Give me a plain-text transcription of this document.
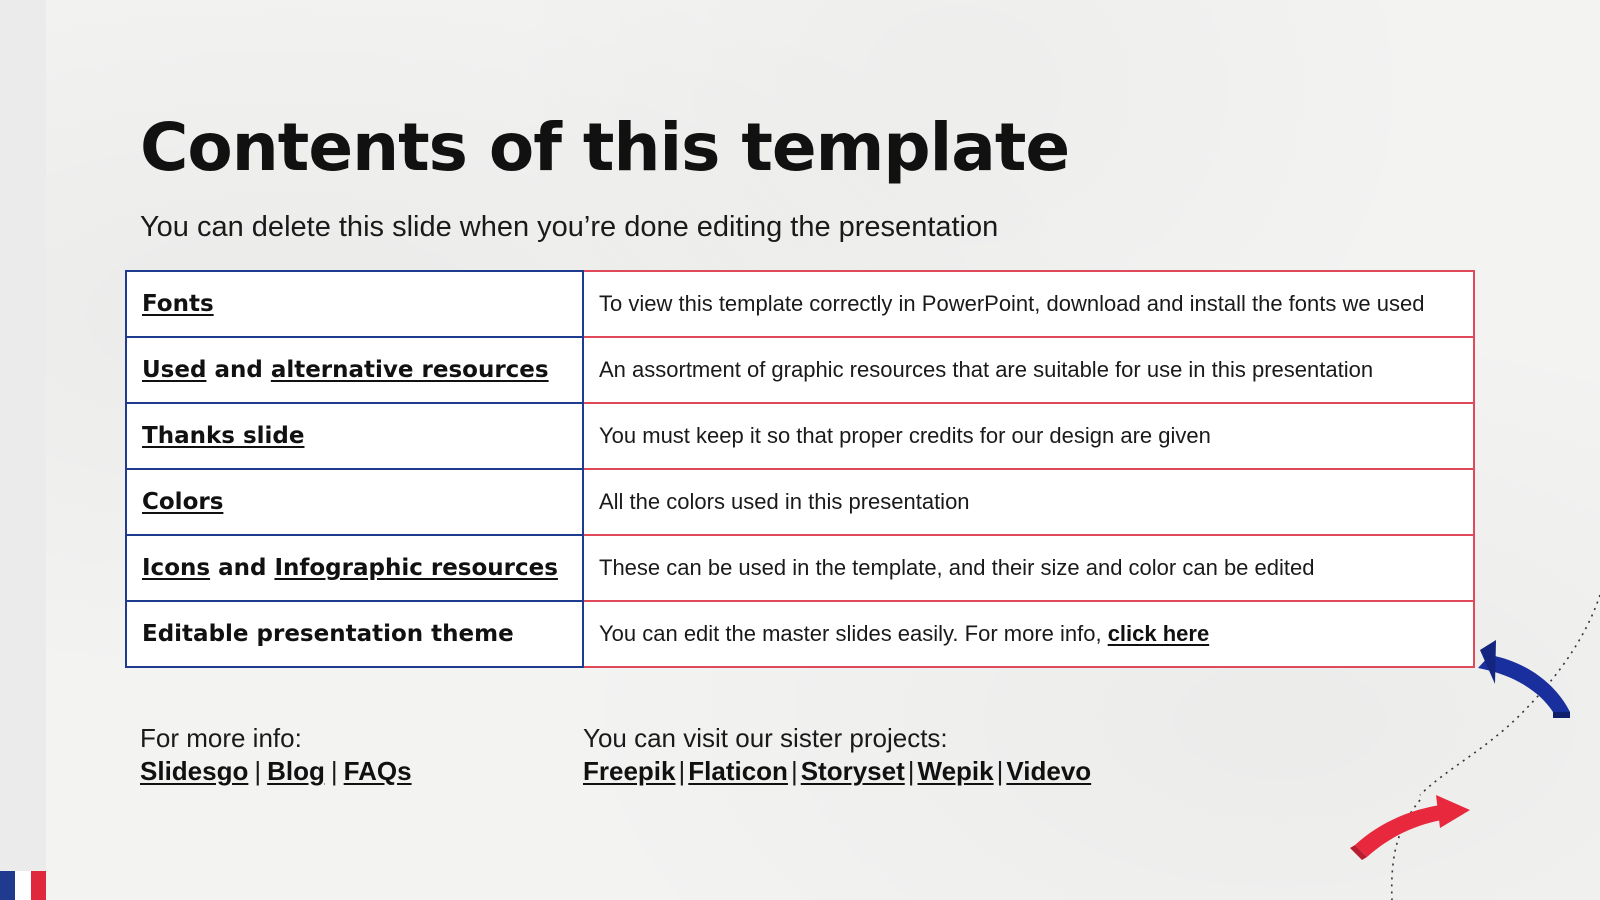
Contents of this template
You can delete this slide when you’re done editing the presentation
Fonts	To view this template correctly in PowerPoint, download and install the fonts we used
Used and alternative resources	An assortment of graphic resources that are suitable for use in this presentation
Thanks slide	You must keep it so that proper credits for our design are given
Colors	All the colors used in this presentation
Icons and Infographic resources	These can be used in the template, and their size and color can be edited
Editable presentation theme	You can edit the master slides easily. For more info, click here
For more info:
Slidesgo | Blog | FAQs
You can visit our sister projects:
Freepik | Flaticon | Storyset | Wepik | Videvo
